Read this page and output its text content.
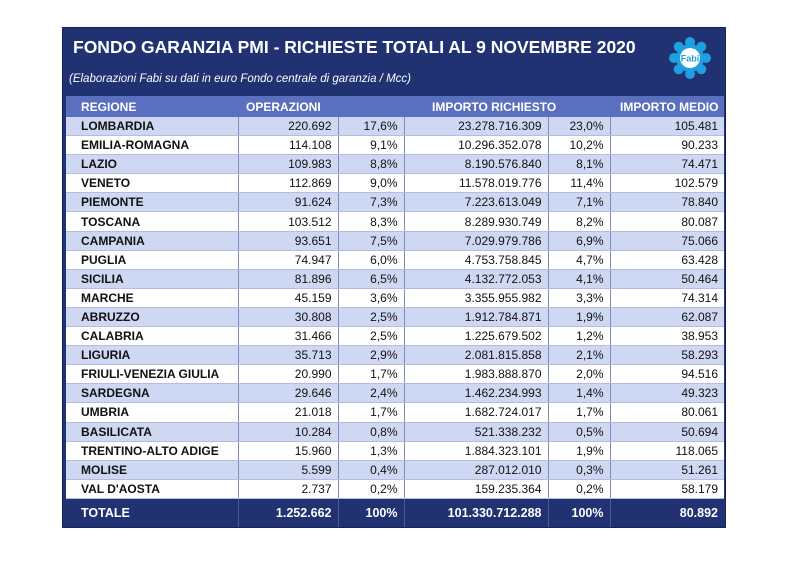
FONDO GARANZIA PMI - RICHIESTE TOTALI AL 9 NOVEMBRE 2020
(Elaborazioni Fabi su dati in euro Fondo centrale di garanzia / Mcc)
Fabi
REGIONE	OPERAZIONI		IMPORTO RICHIESTO		IMPORTO MEDIO
LOMBARDIA	220.692	17,6%	23.278.716.309	23,0%	105.481
EMILIA-ROMAGNA	114.108	9,1%	10.296.352.078	10,2%	90.233
LAZIO	109.983	8,8%	8.190.576.840	8,1%	74.471
VENETO	112.869	9,0%	11.578.019.776	11,4%	102.579
PIEMONTE	91.624	7,3%	7.223.613.049	7,1%	78.840
TOSCANA	103.512	8,3%	8.289.930.749	8,2%	80.087
CAMPANIA	93.651	7,5%	7.029.979.786	6,9%	75.066
PUGLIA	74.947	6,0%	4.753.758.845	4,7%	63.428
SICILIA	81.896	6,5%	4.132.772.053	4,1%	50.464
MARCHE	45.159	3,6%	3.355.955.982	3,3%	74.314
ABRUZZO	30.808	2,5%	1.912.784.871	1,9%	62.087
CALABRIA	31.466	2,5%	1.225.679.502	1,2%	38.953
LIGURIA	35.713	2,9%	2.081.815.858	2,1%	58.293
FRIULI-VENEZIA GIULIA	20.990	1,7%	1.983.888.870	2,0%	94.516
SARDEGNA	29.646	2,4%	1.462.234.993	1,4%	49.323
UMBRIA	21.018	1,7%	1.682.724.017	1,7%	80.061
BASILICATA	10.284	0,8%	521.338.232	0,5%	50.694
TRENTINO-ALTO ADIGE	15.960	1,3%	1.884.323.101	1,9%	118.065
MOLISE	5.599	0,4%	287.012.010	0,3%	51.261
VAL D'AOSTA	2.737	0,2%	159.235.364	0,2%	58.179
TOTALE	1.252.662	100%	101.330.712.288	100%	80.892
